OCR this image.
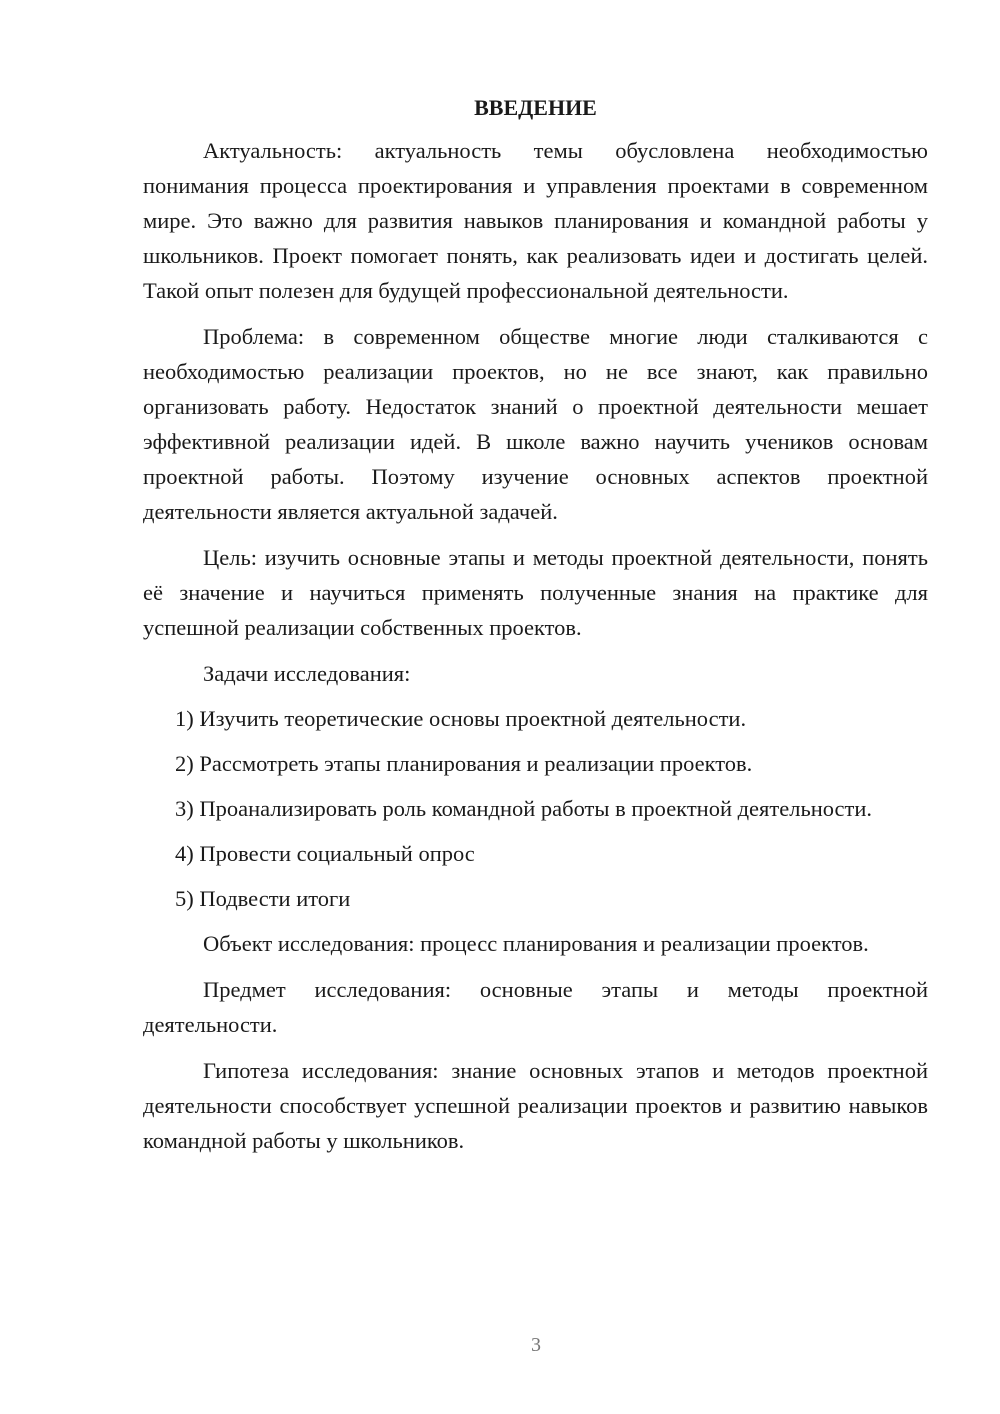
ВВЕДЕНИЕ

Актуальность: актуальность темы обусловлена необходимостью понимания процесса проектирования и управления проектами в современном мире. Это важно для развития навыков планирования и командной работы у школьников. Проект помогает понять, как реализовать идеи и достигать целей. Такой опыт полезен для будущей профессиональной деятельности.

Проблема: в современном обществе многие люди сталкиваются с необходимостью реализации проектов, но не все знают, как правильно организовать работу. Недостаток знаний о проектной деятельности мешает эффективной реализации идей. В школе важно научить учеников основам проектной работы. Поэтому изучение основных аспектов проектной деятельности является актуальной задачей.

Цель: изучить основные этапы и методы проектной деятельности, понять её значение и научиться применять полученные знания на практике для успешной реализации собственных проектов.

Задачи исследования:

1) Изучить теоретические основы проектной деятельности.

2) Рассмотреть этапы планирования и реализации проектов.

3) Проанализировать роль командной работы в проектной деятельности.

4) Провести социальный опрос

5) Подвести итоги

Объект исследования: процесс планирования и реализации проектов.

Предмет исследования: основные этапы и методы проектной деятельности.

Гипотеза исследования: знание основных этапов и методов проектной деятельности способствует успешной реализации проектов и развитию навыков командной работы у школьников.

3
